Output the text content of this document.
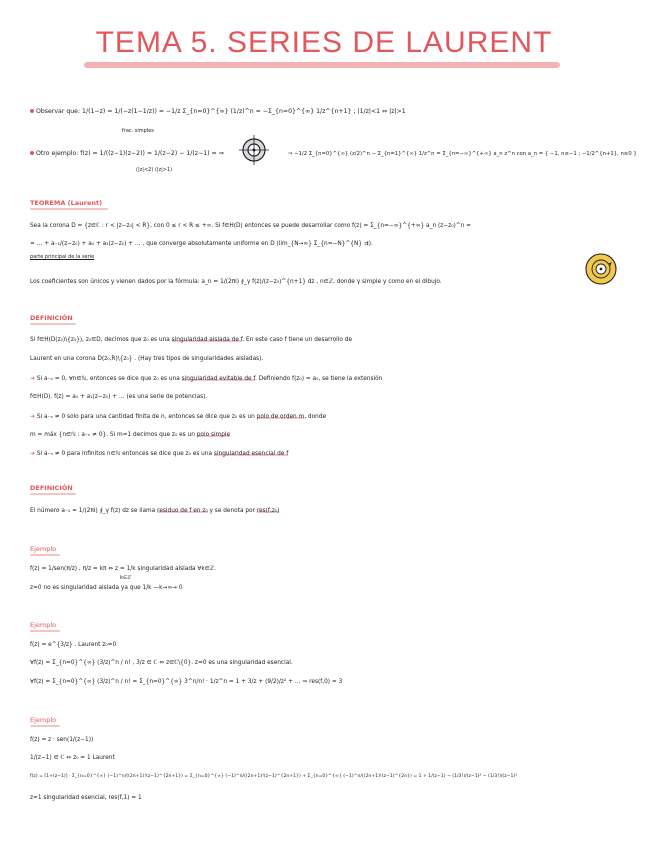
TEMA 5. SERIES DE LAURENT
Observar que: 1/(1−z) = 1/(−z(1−1/z)) = −1/z Σ_{n=0}^{∞} (1/z)^n = −Σ_{n=0}^{∞} 1/z^{n+1} ; |1/z|<1 ⇔ |z|>1
frac. simples
Otro ejemplo: f(z) = 1/((z−1)(z−2)) = 1/(z−2) − 1/(z−1) = ⇒
(|z|<2) (|z|>1)
⇒ −1/2 Σ_{n=0}^{∞} (z/2)^n − Σ_{n=1}^{∞} 1/z^n = Σ_{n=−∞}^{+∞} a_n z^n con a_n = { −1, n≤−1 ; −1/2^{n+1}, n≥0 }
TEOREMA (Laurent)
Sea la corona D = {z∈ℂ : r < |z−z₀| < R}, con 0 ≤ r < R ≤ +∞. Si f∈H(D) entonces se puede desarrollar como f(z) = Σ_{n=−∞}^{+∞} a_n (z−z₀)^n =
= … + a₋₁/(z−z₀) + a₀ + a₁(z−z₀) + … , que converge absolutamente uniforme en D (lim_{N→∞} Σ_{n=−N}^{N} ⇉).
parte principal de la serie
Los coeficientes son únicos y vienen dados por la fórmula: a_n = 1/(2πi) ∮_γ f(z)/(z−z₀)^{n+1} dz , n∈ℤ, donde γ simple y como en el dibujo.
DEFINICIÓN
Si f∈H(D(z₀)\{z₀}), z₀∈D, decimos que z₀ es una singularidad aislada de f. En este caso f tiene un desarrollo de
Laurent en una corona D(z₀,R)\{z₀} . (Hay tres tipos de singularidades aisladas).
➔ Si a₋ₙ = 0, ∀n∈ℕ, entonces se dice que z₀ es una singularidad evitable de f. Definiendo f(z₀) = a₀, se tiene la extensión
f∈H(D). f(z) = a₀ + a₁(z−z₀) + … (es una serie de potencias).
➔ Si a₋ₙ ≠ 0 solo para una cantidad finita de n, entonces se dice que z₀ es un polo de orden m, donde
m = máx {n∈ℕ : a₋ₙ ≠ 0}. Si m=1 decimos que z₀ es un polo simple
➔ Si a₋ₙ ≠ 0 para infinitos n∈ℕ entonces se dice que z₀ es una singularidad esencial de f
DEFINICIÓN
El número a₋₁ = 1/(2πi) ∮_γ f(z) dz se llama residuo de f en z₀ y se denota por res(f,z₀)
Ejemplo
f(z) = 1/sen(π/z) , π/z = kπ ⇔ z = 1/k singularidad aislada ∀k∈ℤ.
k∈ℤ
z=0 no es singularidad aislada ya que 1/k —k→∞→ 0
Ejemplo
f(z) = e^{3/z} . Laurent z₀=0
∀f(z) = Σ_{n=0}^{∞} (3/z)^n / n! , 3/z ∈ ℂ ⇔ z∈ℂ\{0}. z=0 es una singularidad esencial.
∀f(z) = Σ_{n=0}^{∞} (3/z)^n / n! = Σ_{n=0}^{∞} 3^n/n! · 1/z^n = 1 + 3/z + (9/2)/z² + … ⇒ res(f,0) = 3
Ejemplo
f(z) = z · sen(1/(z−1))
1/(z−1) ∈ ℂ ⇔ z₀ = 1 Laurent
f(z) = [1+(z−1)] · Σ_{n=0}^{∞} (−1)^n/((2n+1)!(z−1)^{2n+1}) = Σ_{n=0}^{∞} (−1)^n/((2n+1)!(z−1)^{2n+1}) + Σ_{n=0}^{∞} (−1)^n/((2n+1)!(z−1)^{2n}) = 1 + 1/(z−1) − (1/3!)/(z−1)² − (1/3!)/(z−1)³
z=1 singularidad esencial, res(f,1) = 1
